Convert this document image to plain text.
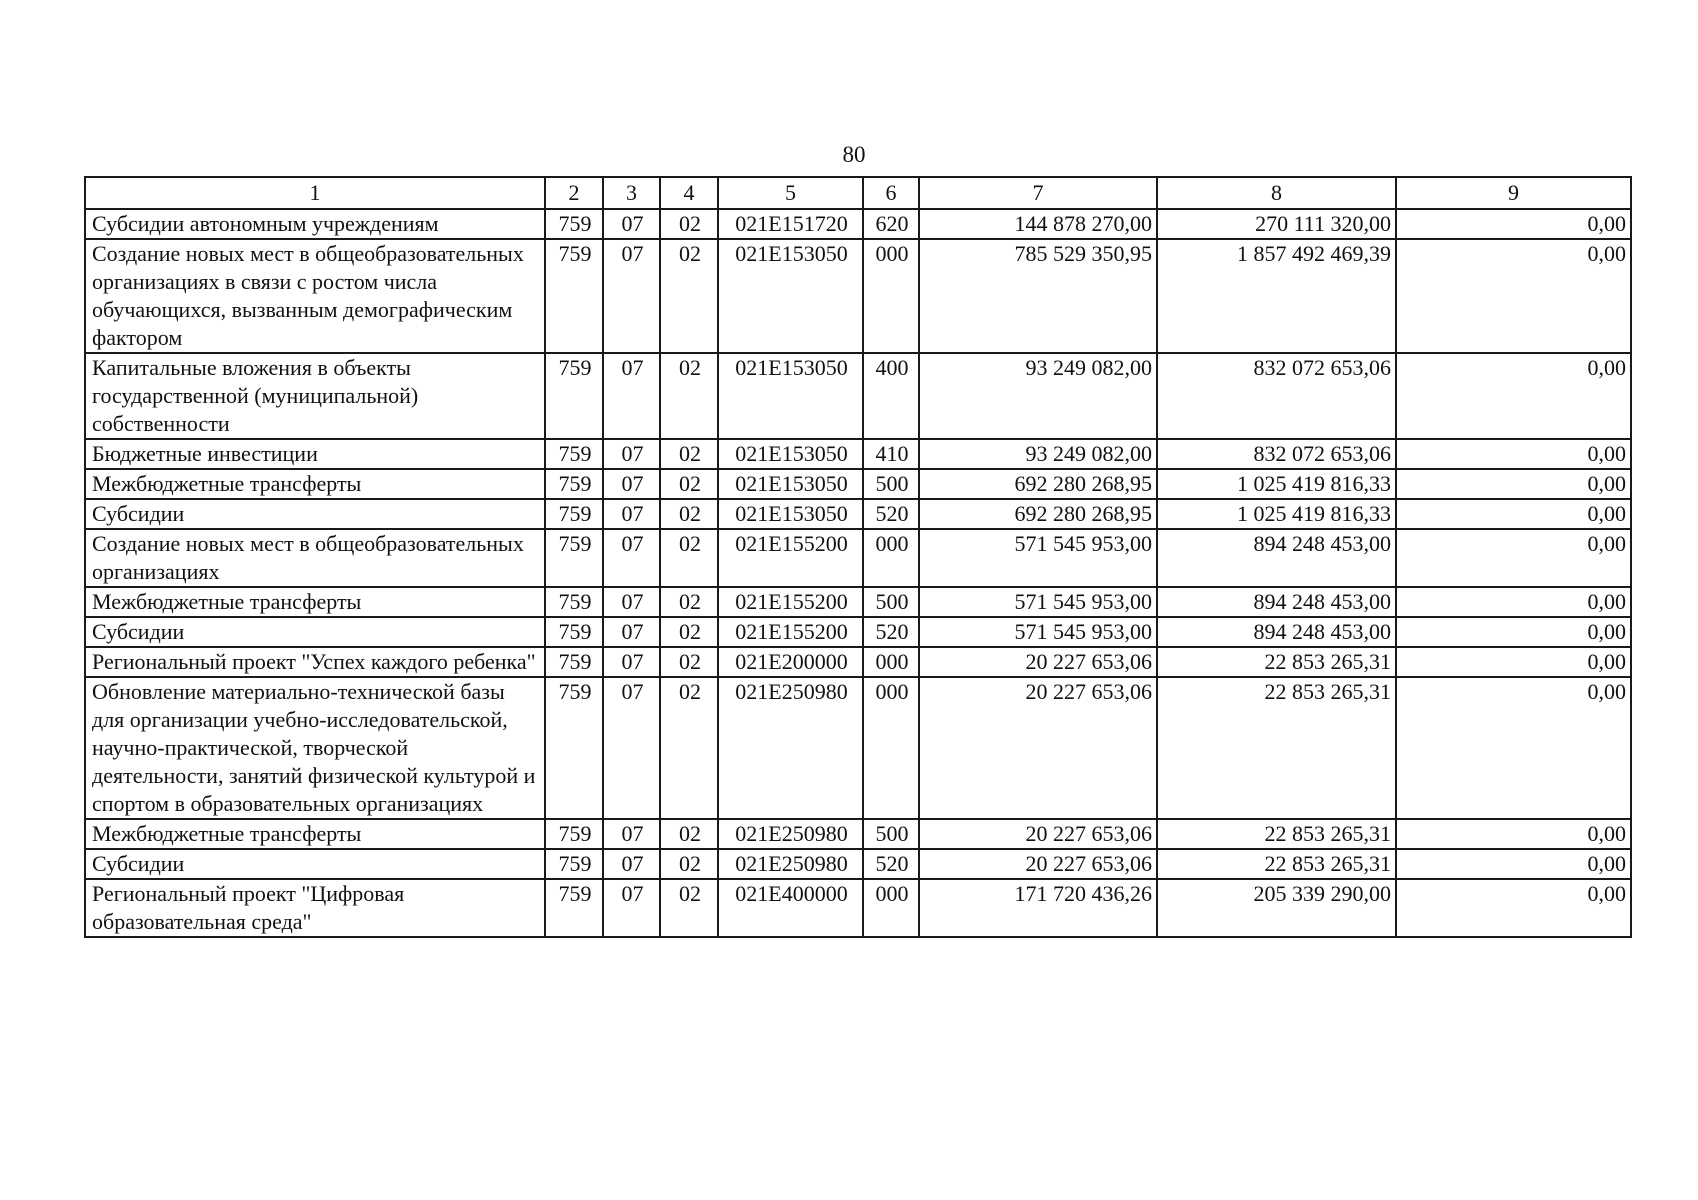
80
1	2	3	4	5	6	7	8	9
Субсидии автономным учреждениям	759	07	02	021E151720	620	144 878 270,00	270 111 320,00	0,00
Создание новых мест в общеобразовательных организациях в связи с ростом числа обучающихся, вызванным демографическим фактором	759	07	02	021E153050	000	785 529 350,95	1 857 492 469,39	0,00
Капитальные вложения в объекты государственной (муниципальной) собственности	759	07	02	021E153050	400	93 249 082,00	832 072 653,06	0,00
Бюджетные инвестиции	759	07	02	021E153050	410	93 249 082,00	832 072 653,06	0,00
Межбюджетные трансферты	759	07	02	021E153050	500	692 280 268,95	1 025 419 816,33	0,00
Субсидии	759	07	02	021E153050	520	692 280 268,95	1 025 419 816,33	0,00
Создание новых мест в общеобразовательных организациях	759	07	02	021E155200	000	571 545 953,00	894 248 453,00	0,00
Межбюджетные трансферты	759	07	02	021E155200	500	571 545 953,00	894 248 453,00	0,00
Субсидии	759	07	02	021E155200	520	571 545 953,00	894 248 453,00	0,00
Региональный проект "Успех каждого ребенка"	759	07	02	021E200000	000	20 227 653,06	22 853 265,31	0,00
Обновление материально-технической базы для организации учебно-исследовательской, научно-практической, творческой деятельности, занятий физической культурой и спортом в образовательных организациях	759	07	02	021E250980	000	20 227 653,06	22 853 265,31	0,00
Межбюджетные трансферты	759	07	02	021E250980	500	20 227 653,06	22 853 265,31	0,00
Субсидии	759	07	02	021E250980	520	20 227 653,06	22 853 265,31	0,00
Региональный проект "Цифровая образовательная среда"	759	07	02	021E400000	000	171 720 436,26	205 339 290,00	0,00
